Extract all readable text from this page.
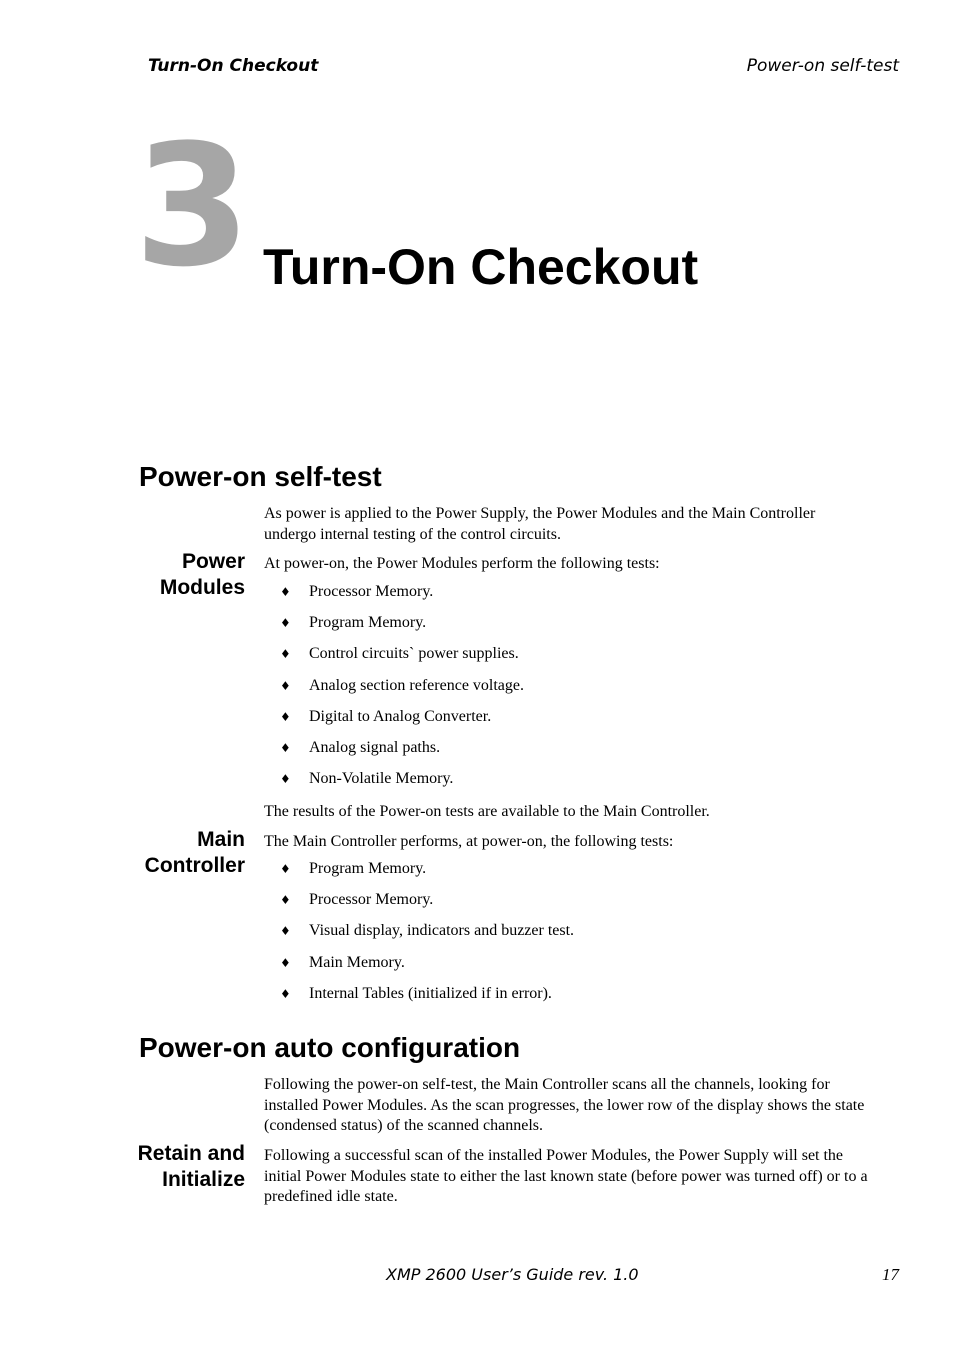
Turn-On Checkout	Power-on self-test
3 Turn-On Checkout
Power-on self-test
As power is applied to the Power Supply, the Power Modules and the Main Controller undergo internal testing of the control circuits.
Power
Modules
At power-on, the Power Modules perform the following tests:
♦ Processor Memory.
♦ Program Memory.
♦ Control circuits` power supplies.
♦ Analog section reference voltage.
♦ Digital to Analog Converter.
♦ Analog signal paths.
♦ Non-Volatile Memory.
The results of the Power-on tests are available to the Main Controller.
Main
Controller
The Main Controller performs, at power-on, the following tests:
♦ Program Memory.
♦ Processor Memory.
♦ Visual display, indicators and buzzer test.
♦ Main Memory.
♦ Internal Tables (initialized if in error).
Power-on auto configuration
Following the power-on self-test, the Main Controller scans all the channels, looking for installed Power Modules. As the scan progresses, the lower row of the display shows the state (condensed status) of the scanned channels.
Retain and
Initialize
Following a successful scan of the installed Power Modules, the Power Supply will set the initial Power Modules state to either the last known state (before power was turned off) or to a predefined idle state.
XMP 2600 User’s Guide rev. 1.0	17
